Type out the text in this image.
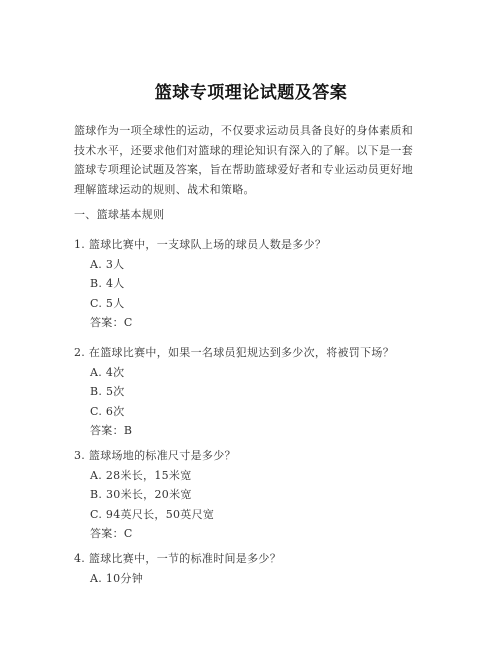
篮球专项理论试题及答案
篮球作为一项全球性的运动，不仅要求运动员具备良好的身体素质和
技术水平，还要求他们对篮球的理论知识有深入的了解。以下是一套
篮球专项理论试题及答案，旨在帮助篮球爱好者和专业运动员更好地
理解篮球运动的规则、战术和策略。
一、篮球基本规则
1. 篮球比赛中，一支球队上场的球员人数是多少？
A. 3人
B. 4人
C. 5人
答案：C
2. 在篮球比赛中，如果一名球员犯规达到多少次，将被罚下场？
A. 4次
B. 5次
C. 6次
答案：B
3. 篮球场地的标准尺寸是多少？
A. 28米长，15米宽
B. 30米长，20米宽
C. 94英尺长，50英尺宽
答案：C
4. 篮球比赛中，一节的标准时间是多少？
A. 10分钟
